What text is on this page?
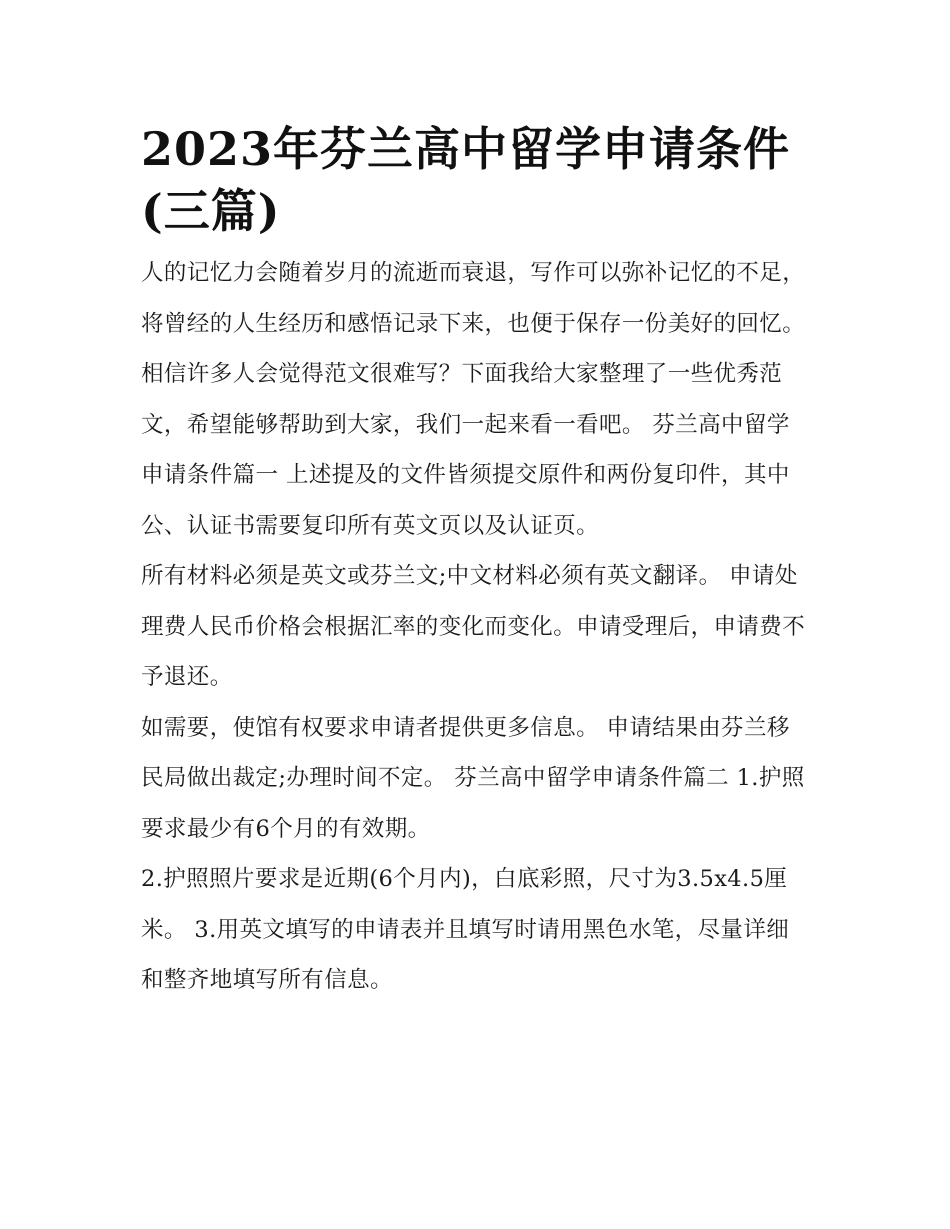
2023年芬兰高中留学申请条件(三篇)

人的记忆力会随着岁月的流逝而衰退，写作可以弥补记忆的不足，将曾经的人生经历和感悟记录下来，也便于保存一份美好的回忆。相信许多人会觉得范文很难写？下面我给大家整理了一些优秀范文，希望能够帮助到大家，我们一起来看一看吧。 芬兰高中留学申请条件篇一 上述提及的文件皆须提交原件和两份复印件，其中公、认证书需要复印所有英文页以及认证页。

所有材料必须是英文或芬兰文;中文材料必须有英文翻译。 申请处理费人民币价格会根据汇率的变化而变化。申请受理后，申请费不予退还。

如需要，使馆有权要求申请者提供更多信息。 申请结果由芬兰移民局做出裁定;办理时间不定。 芬兰高中留学申请条件篇二 1.护照要求最少有6个月的有效期。

2.护照照片要求是近期(6个月内)，白底彩照，尺寸为3.5x4.5厘米。 3.用英文填写的申请表并且填写时请用黑色水笔，尽量详细和整齐地填写所有信息。
